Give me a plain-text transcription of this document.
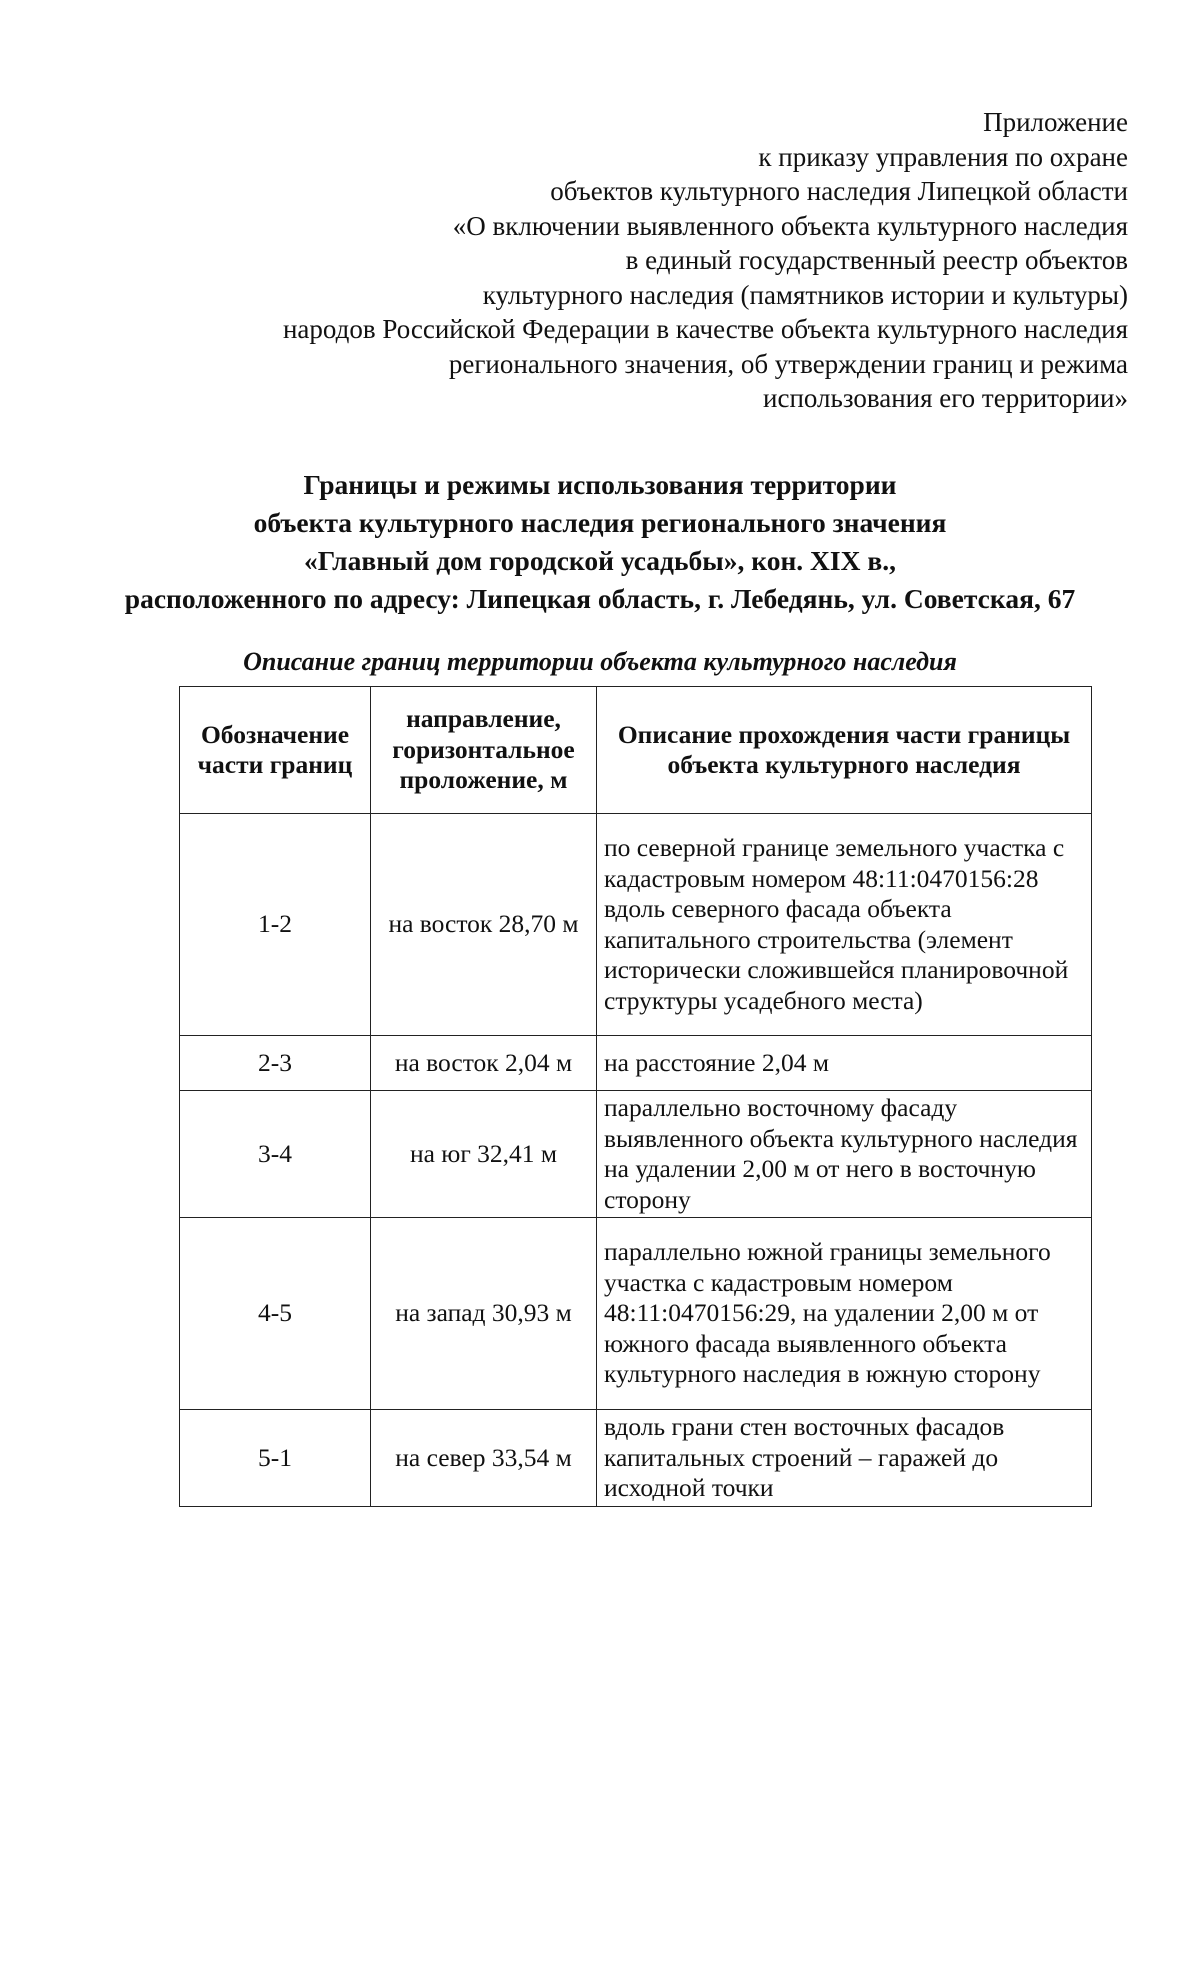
Приложение
к приказу управления по охране
объектов культурного наследия Липецкой области
«О включении выявленного объекта культурного наследия
в единый государственный реестр объектов
культурного наследия (памятников истории и культуры)
народов Российской Федерации в качестве объекта культурного наследия
регионального значения, об утверждении границ и режима
использования его территории»
Границы и режимы использования территории
объекта культурного наследия регионального значения
«Главный дом городской усадьбы», кон. XIX в.,
расположенного по адресу: Липецкая область, г. Лебедянь, ул. Советская, 67
Описание границ территории объекта культурного наследия
Обозначение части границ	направление, горизонтальное проложение, м	Описание прохождения части границы объекта культурного наследия
1-2	на восток 28,70 м	по северной границе земельного участка с кадастровым номером 48:11:0470156:28 вдоль северного фасада объекта капитального строительства (элемент исторически сложившейся планировочной структуры усадебного места)
2-3	на восток 2,04 м	на расстояние 2,04 м
3-4	на юг 32,41 м	параллельно восточному фасаду выявленного объекта культурного наследия на удалении 2,00 м от него в восточную сторону
4-5	на запад 30,93 м	параллельно южной границы земельного участка с кадастровым номером 48:11:0470156:29, на удалении 2,00 м от южного фасада выявленного объекта культурного наследия в южную сторону
5-1	на север 33,54 м	вдоль грани стен восточных фасадов капитальных строений – гаражей до исходной точки
